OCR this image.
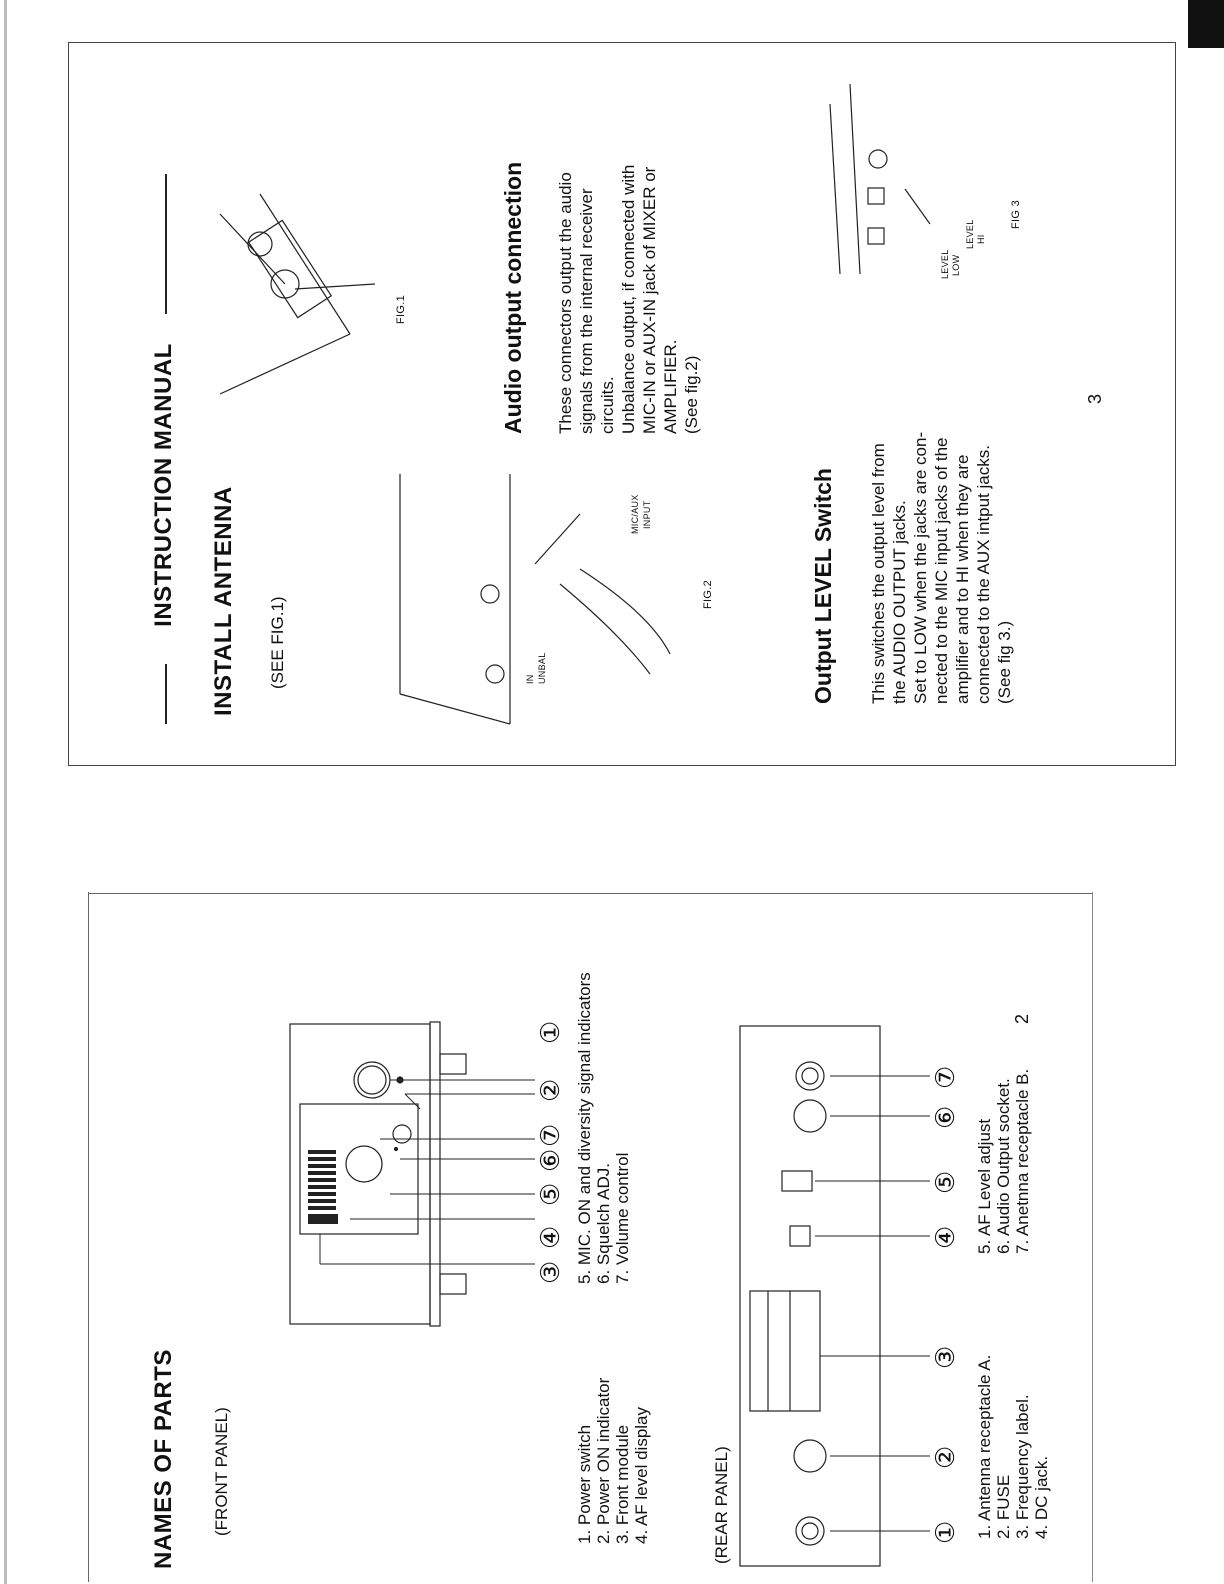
NAMES OF PARTS (FRONT PANEL)
③
④
⑤
⑥
⑦
②
①
1. Power switch 2. Power ON indicator 3. Front module 4. AF level display
5. MIC. ON and diversity signal indicators 6. Squelch ADJ. 7. Volume control
(REAR PANEL)	①
②
③
④
⑤
⑥
⑦
1. Antenna receptacle A. 2. FUSE 3. Frequency label. 4. DC jack.
5. AF Level adjust 6. Audio Output socket. 7. Anetnna receptacle B.
2
INSTRUCTION MANUAL INSTALL ANTENNA (SEE FIG.1)
FIG.1
IN UNBAL
MIC/AUX INPUT
FIG.2
Audio output connection These connectors output the audio signals from the internal receiver circuits. Unbalance output, if connected with MIC-IN or AUX-IN jack of MIXER or AMPLIFIER. (See fig.2)
Output LEVEL Switch This switches the output level from the AUDIO OUTPUT jacks. Set to LOW when the jacks are con- nected to the MIC input jacks of the amplifier and to HI when they are connected to the AUX intput jacks. (See fig 3.)
LEVEL LOW
LEVEL HI
FIG 3
3
